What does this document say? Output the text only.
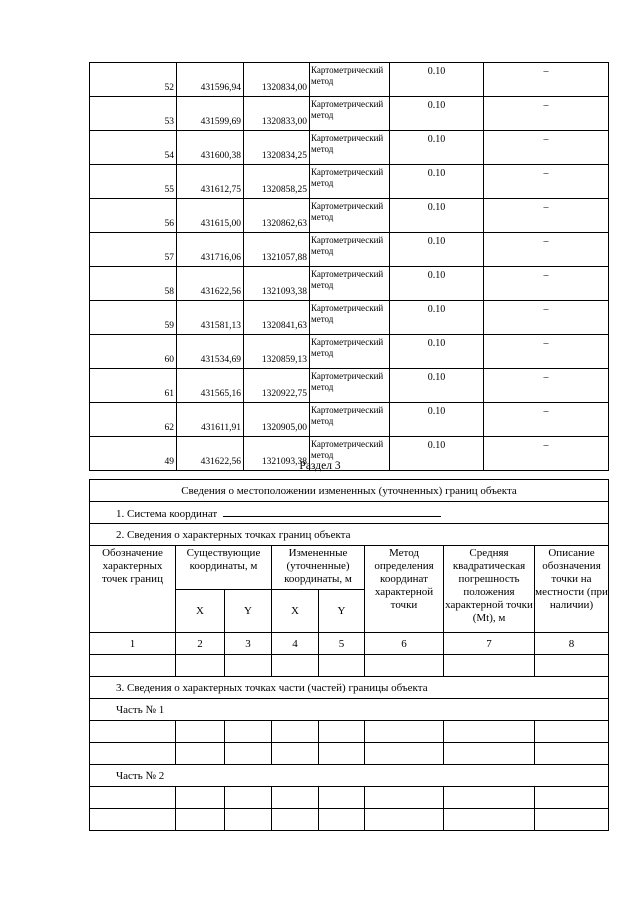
52	431596,94	1320834,00	Картометрический метод	0.10	–
53	431599,69	1320833,00	Картометрический метод	0.10	–
54	431600,38	1320834,25	Картометрический метод	0.10	–
55	431612,75	1320858,25	Картометрический метод	0.10	–
56	431615,00	1320862,63	Картометрический метод	0.10	–
57	431716,06	1321057,88	Картометрический метод	0.10	–
58	431622,56	1321093,38	Картометрический метод	0.10	–
59	431581,13	1320841,63	Картометрический метод	0.10	–
60	431534,69	1320859,13	Картометрический метод	0.10	–
61	431565,16	1320922,75	Картометрический метод	0.10	–
62	431611,91	1320905,00	Картометрический метод	0.10	–
49	431622,56	1321093,38	Картометрический метод	0.10	–
Раздел 3
Сведения о местоположении измененных (уточненных) границ объекта							
1. Система координат							
2. Сведения о характерных точках границ объекта							
Обозначение характерных точек границ	Существующие координаты, м		Измененные (уточненные) координаты, м		Метод определения координат характерной точки	Средняя квадратическая погрешность положения характерной точки (Mt), м	Описание обозначения точки на местности (при наличии)
	X	Y	X	Y			
1	2	3	4	5	6	7	8

3. Сведения о характерных точках части (частей) границы объекта							
Часть № 1							

Часть № 2							
